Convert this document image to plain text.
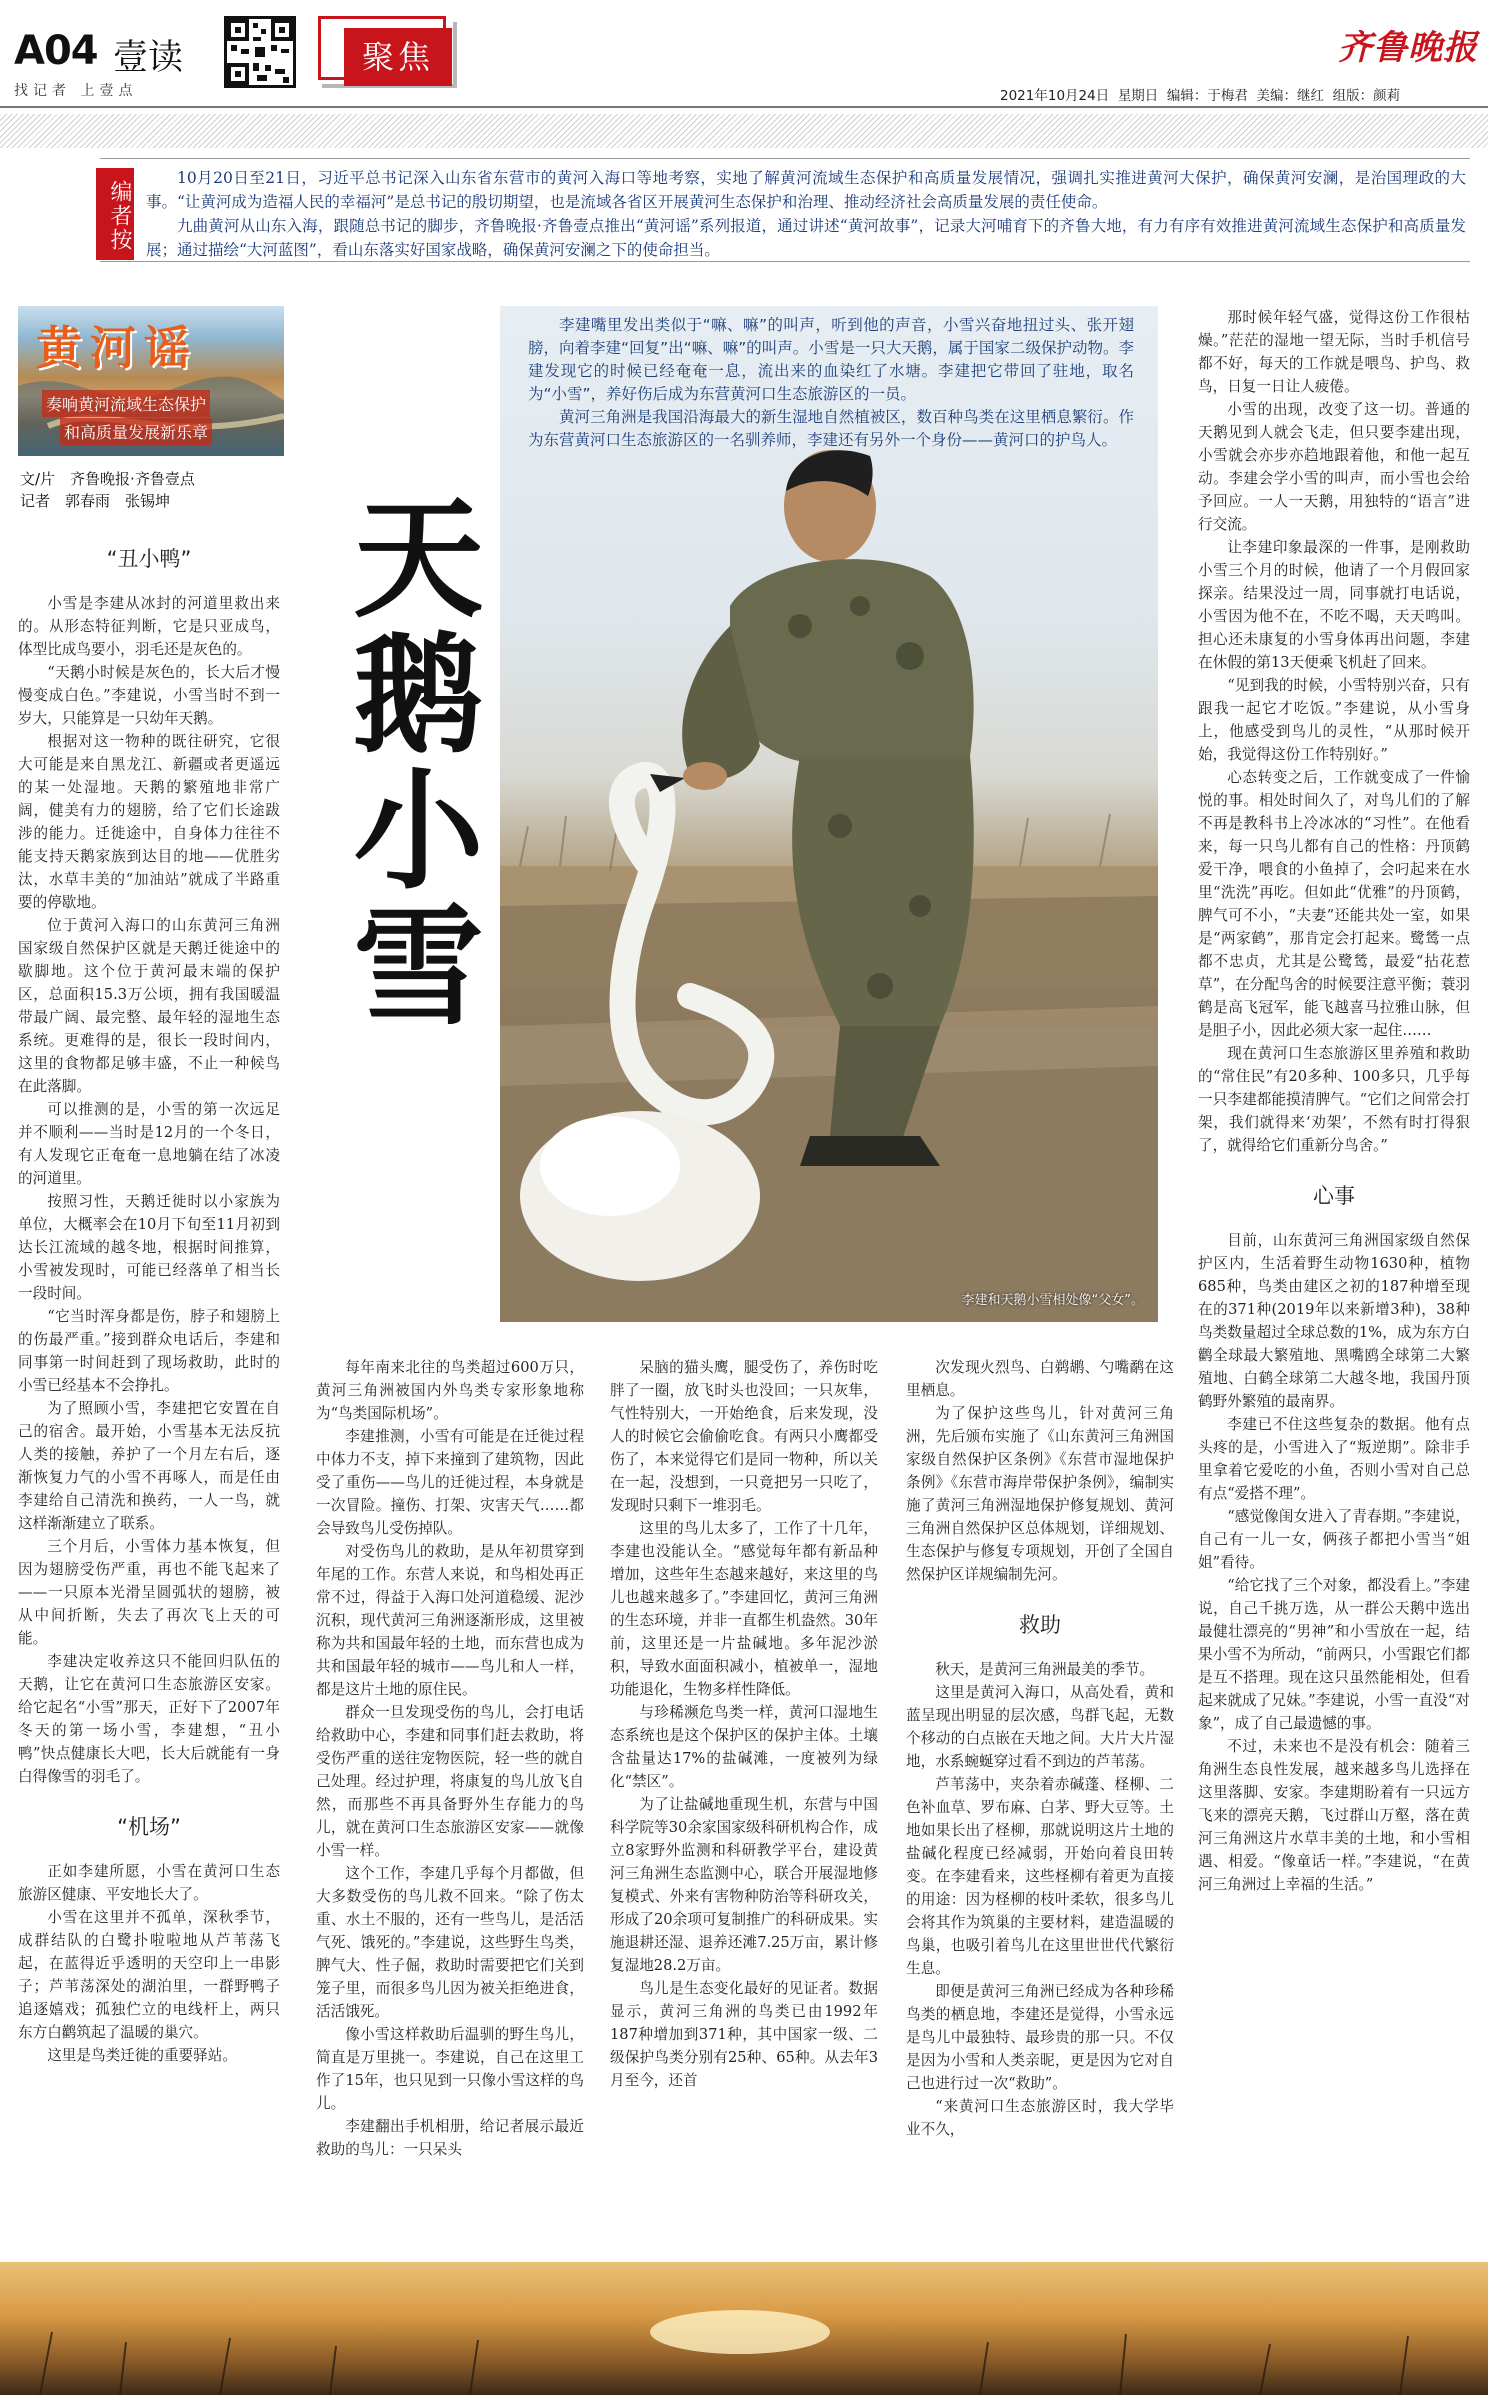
A04 壹读
找记者 上壹点
聚焦	齐鲁晚报
2021年10月24日 星期日 编辑：于梅君 美编：继红 组版：颜莉
编者按

10月20日至21日，习近平总书记深入山东省东营市的黄河入海口等地考察，实地了解黄河流域生态保护和高质量发展情况，强调扎实推进黄河大保护，确保黄河安澜，是治国理政的大事。“让黄河成为造福人民的幸福河”是总书记的殷切期望，也是流域各省区开展黄河生态保护和治理、推动经济社会高质量发展的责任使命。

九曲黄河从山东入海，跟随总书记的脚步，齐鲁晚报·齐鲁壹点推出“黄河谣”系列报道，通过讲述“黄河故事”，记录大河哺育下的齐鲁大地，有力有序有效推进黄河流域生态保护和高质量发展；通过描绘“大河蓝图”，看山东落实好国家战略，确保黄河安澜之下的使命担当。

黄河谣
奏响黄河流域生态保护
和高质量发展新乐章
文/片　齐鲁晚报·齐鲁壹点
记者　郭春雨　张锡坤 天鹅小雪

李建嘴里发出类似于“嘛、嘛”的叫声，听到他的声音，小雪兴奋地扭过头、张开翅膀，向着李建“回复”出“嘛、嘛”的叫声。小雪是一只大天鹅，属于国家二级保护动物。李建发现它的时候已经奄奄一息，流出来的血染红了水塘。李建把它带回了驻地，取名为“小雪”，养好伤后成为东营黄河口生态旅游区的一员。

黄河三角洲是我国沿海最大的新生湿地自然植被区，数百种鸟类在这里栖息繁衍。作为东营黄河口生态旅游区的一名驯养师，李建还有另外一个身份——黄河口的护鸟人。

李建和天鹅小雪相处像“父女”。
“丑小鸭”

小雪是李建从冰封的河道里救出来的。从形态特征判断，它是只亚成鸟，体型比成鸟要小，羽毛还是灰色的。

“天鹅小时候是灰色的，长大后才慢慢变成白色。”李建说，小雪当时不到一岁大，只能算是一只幼年天鹅。

根据对这一物种的既往研究，它很大可能是来自黑龙江、新疆或者更遥远的某一处湿地。天鹅的繁殖地非常广阔，健美有力的翅膀，给了它们长途跋涉的能力。迁徙途中，自身体力往往不能支持天鹅家族到达目的地——优胜劣汰，水草丰美的“加油站”就成了半路重要的停歇地。

位于黄河入海口的山东黄河三角洲国家级自然保护区就是天鹅迁徙途中的歇脚地。这个位于黄河最末端的保护区，总面积15.3万公顷，拥有我国暖温带最广阔、最完整、最年轻的湿地生态系统。更难得的是，很长一段时间内，这里的食物都足够丰盛，不止一种候鸟在此落脚。

可以推测的是，小雪的第一次远足并不顺利——当时是12月的一个冬日，有人发现它正奄奄一息地躺在结了冰凌的河道里。

按照习性，天鹅迁徙时以小家族为单位，大概率会在10月下旬至11月初到达长江流域的越冬地，根据时间推算，小雪被发现时，可能已经落单了相当长一段时间。

“它当时浑身都是伤，脖子和翅膀上的伤最严重。”接到群众电话后，李建和同事第一时间赶到了现场救助，此时的小雪已经基本不会挣扎。

为了照顾小雪，李建把它安置在自己的宿舍。最开始，小雪基本无法反抗人类的接触，养护了一个月左右后，逐渐恢复力气的小雪不再啄人，而是任由李建给自己清洗和换药，一人一鸟，就这样渐渐建立了联系。

三个月后，小雪体力基本恢复，但因为翅膀受伤严重，再也不能飞起来了——一只原本光滑呈圆弧状的翅膀，被从中间折断，失去了再次飞上天的可能。

李建决定收养这只不能回归队伍的天鹅，让它在黄河口生态旅游区安家。给它起名“小雪”那天，正好下了2007年冬天的第一场小雪，李建想，“丑小鸭”快点健康长大吧，长大后就能有一身白得像雪的羽毛了。

“机场”

正如李建所愿，小雪在黄河口生态旅游区健康、平安地长大了。

小雪在这里并不孤单，深秋季节，成群结队的白鹭扑啦啦地从芦苇荡飞起，在蓝得近乎透明的天空印上一串影子；芦苇荡深处的湖泊里，一群野鸭子追逐嬉戏；孤独伫立的电线杆上，两只东方白鹳筑起了温暖的巢穴。

这里是鸟类迁徙的重要驿站。

每年南来北往的鸟类超过600万只，黄河三角洲被国内外鸟类专家形象地称为“鸟类国际机场”。

李建推测，小雪有可能是在迁徙过程中体力不支，掉下来撞到了建筑物，因此受了重伤——鸟儿的迁徙过程，本身就是一次冒险。撞伤、打架、灾害天气……都会导致鸟儿受伤掉队。

对受伤鸟儿的救助，是从年初贯穿到年尾的工作。东营人来说，和鸟相处再正常不过，得益于入海口处河道稳缓、泥沙沉积，现代黄河三角洲逐渐形成，这里被称为共和国最年轻的土地，而东营也成为共和国最年轻的城市——鸟儿和人一样，都是这片土地的原住民。

群众一旦发现受伤的鸟儿，会打电话给救助中心，李建和同事们赶去救助，将受伤严重的送往宠物医院，轻一些的就自己处理。经过护理，将康复的鸟儿放飞自然，而那些不再具备野外生存能力的鸟儿，就在黄河口生态旅游区安家——就像小雪一样。

这个工作，李建几乎每个月都做，但大多数受伤的鸟儿救不回来。“除了伤太重、水土不服的，还有一些鸟儿，是活活气死、饿死的。”李建说，这些野生鸟类，脾气大、性子倔，救助时需要把它们关到笼子里，而很多鸟儿因为被关拒绝进食，活活饿死。

像小雪这样救助后温驯的野生鸟儿，简直是万里挑一。李建说，自己在这里工作了15年，也只见到一只像小雪这样的鸟儿。

李建翻出手机相册，给记者展示最近救助的鸟儿：一只呆头

呆脑的猫头鹰，腿受伤了，养伤时吃胖了一圈，放飞时头也没回；一只灰隼，气性特别大，一开始绝食，后来发现，没人的时候它会偷偷吃食。有两只小鹰都受伤了，本来觉得它们是同一物种，所以关在一起，没想到，一只竟把另一只吃了，发现时只剩下一堆羽毛。

这里的鸟儿太多了，工作了十几年，李建也没能认全。“感觉每年都有新品种增加，这些年生态越来越好，来这里的鸟儿也越来越多了。”李建回忆，黄河三角洲的生态环境，并非一直都生机盎然。30年前，这里还是一片盐碱地。多年泥沙淤积，导致水面面积减小，植被单一，湿地功能退化，生物多样性降低。

与珍稀濒危鸟类一样，黄河口湿地生态系统也是这个保护区的保护主体。土壤含盐量达17%的盐碱滩，一度被列为绿化“禁区”。

为了让盐碱地重现生机，东营与中国科学院等30余家国家级科研机构合作，成立8家野外监测和科研教学平台，建设黄河三角洲生态监测中心，联合开展湿地修复模式、外来有害物种防治等科研攻关，形成了20余项可复制推广的科研成果。实施退耕还湿、退养还滩7.25万亩，累计修复湿地28.2万亩。

鸟儿是生态变化最好的见证者。数据显示，黄河三角洲的鸟类已由1992年187种增加到371种，其中国家一级、二级保护鸟类分别有25种、65种。从去年3月至今，还首

次发现火烈鸟、白鹈鹕、勺嘴鹬在这里栖息。

为了保护这些鸟儿，针对黄河三角洲，先后颁布实施了《山东黄河三角洲国家级自然保护区条例》《东营市湿地保护条例》《东营市海岸带保护条例》，编制实施了黄河三角洲湿地保护修复规划、黄河三角洲自然保护区总体规划，详细规划、生态保护与修复专项规划，开创了全国自然保护区详规编制先河。

救助

秋天，是黄河三角洲最美的季节。

这里是黄河入海口，从高处看，黄和蓝呈现出明显的层次感，鸟群飞起，无数个移动的白点嵌在天地之间。大片大片湿地，水系蜿蜒穿过看不到边的芦苇荡。

芦苇荡中，夹杂着赤碱蓬、柽柳、二色补血草、罗布麻、白茅、野大豆等。土地如果长出了柽柳，那就说明这片土地的盐碱化程度已经减弱，开始向着良田转变。在李建看来，这些柽柳有着更为直接的用途：因为柽柳的枝叶柔软，很多鸟儿会将其作为筑巢的主要材料，建造温暖的鸟巢，也吸引着鸟儿在这里世世代代繁衍生息。

即便是黄河三角洲已经成为各种珍稀鸟类的栖息地，李建还是觉得，小雪永远是鸟儿中最独特、最珍贵的那一只。不仅是因为小雪和人类亲昵，更是因为它对自己也进行过一次“救助”。

“来黄河口生态旅游区时，我大学毕业不久，

那时候年轻气盛，觉得这份工作很枯燥。”茫茫的湿地一望无际，当时手机信号都不好，每天的工作就是喂鸟、护鸟、救鸟，日复一日让人疲倦。

小雪的出现，改变了这一切。普通的天鹅见到人就会飞走，但只要李建出现，小雪就会亦步亦趋地跟着他，和他一起互动。李建会学小雪的叫声，而小雪也会给予回应。一人一天鹅，用独特的“语言”进行交流。

让李建印象最深的一件事，是刚救助小雪三个月的时候，他请了一个月假回家探亲。结果没过一周，同事就打电话说，小雪因为他不在，不吃不喝，天天鸣叫。担心还未康复的小雪身体再出问题，李建在休假的第13天便乘飞机赶了回来。

“见到我的时候，小雪特别兴奋，只有跟我一起它才吃饭。”李建说，从小雪身上，他感受到鸟儿的灵性，“从那时候开始，我觉得这份工作特别好。”

心态转变之后，工作就变成了一件愉悦的事。相处时间久了，对鸟儿们的了解不再是教科书上冷冰冰的“习性”。在他看来，每一只鸟儿都有自己的性格：丹顶鹤爱干净，喂食的小鱼掉了，会叼起来在水里“洗洗”再吃。但如此“优雅”的丹顶鹤，脾气可不小，“夫妻”还能共处一室，如果是“两家鹤”，那肯定会打起来。鹭鸶一点都不忠贞，尤其是公鹭鸶，最爱“拈花惹草”，在分配鸟舍的时候要注意平衡；蓑羽鹤是高飞冠军，能飞越喜马拉雅山脉，但是胆子小，因此必须大家一起住……

现在黄河口生态旅游区里养殖和救助的“常住民”有20多种、100多只，几乎每一只李建都能摸清脾气。“它们之间常会打架，我们就得来‘劝架’，不然有时打得狠了，就得给它们重新分鸟舍。”

心事

目前，山东黄河三角洲国家级自然保护区内，生活着野生动物1630种，植物685种，鸟类由建区之初的187种增至现在的371种(2019年以来新增3种)，38种鸟类数量超过全球总数的1%，成为东方白鹳全球最大繁殖地、黑嘴鸥全球第二大繁殖地、白鹤全球第二大越冬地，我国丹顶鹤野外繁殖的最南界。

李建已不住这些复杂的数据。他有点头疼的是，小雪进入了“叛逆期”。除非手里拿着它爱吃的小鱼，否则小雪对自己总有点“爱搭不理”。

“感觉像闺女进入了青春期。”李建说，自己有一儿一女，俩孩子都把小雪当“姐姐”看待。

“给它找了三个对象，都没看上。”李建说，自己千挑万选，从一群公天鹅中选出最健壮漂亮的“男神”和小雪放在一起，结果小雪不为所动，“前两只，小雪跟它们都是互不搭理。现在这只虽然能相处，但看起来就成了兄妹。”李建说，小雪一直没“对象”，成了自己最遗憾的事。

不过，未来也不是没有机会：随着三角洲生态良性发展，越来越多鸟儿选择在这里落脚、安家。李建期盼着有一只远方飞来的漂亮天鹅，飞过群山万壑，落在黄河三角洲这片水草丰美的土地，和小雪相遇、相爱。“像童话一样。”李建说，“在黄河三角洲过上幸福的生活。”
